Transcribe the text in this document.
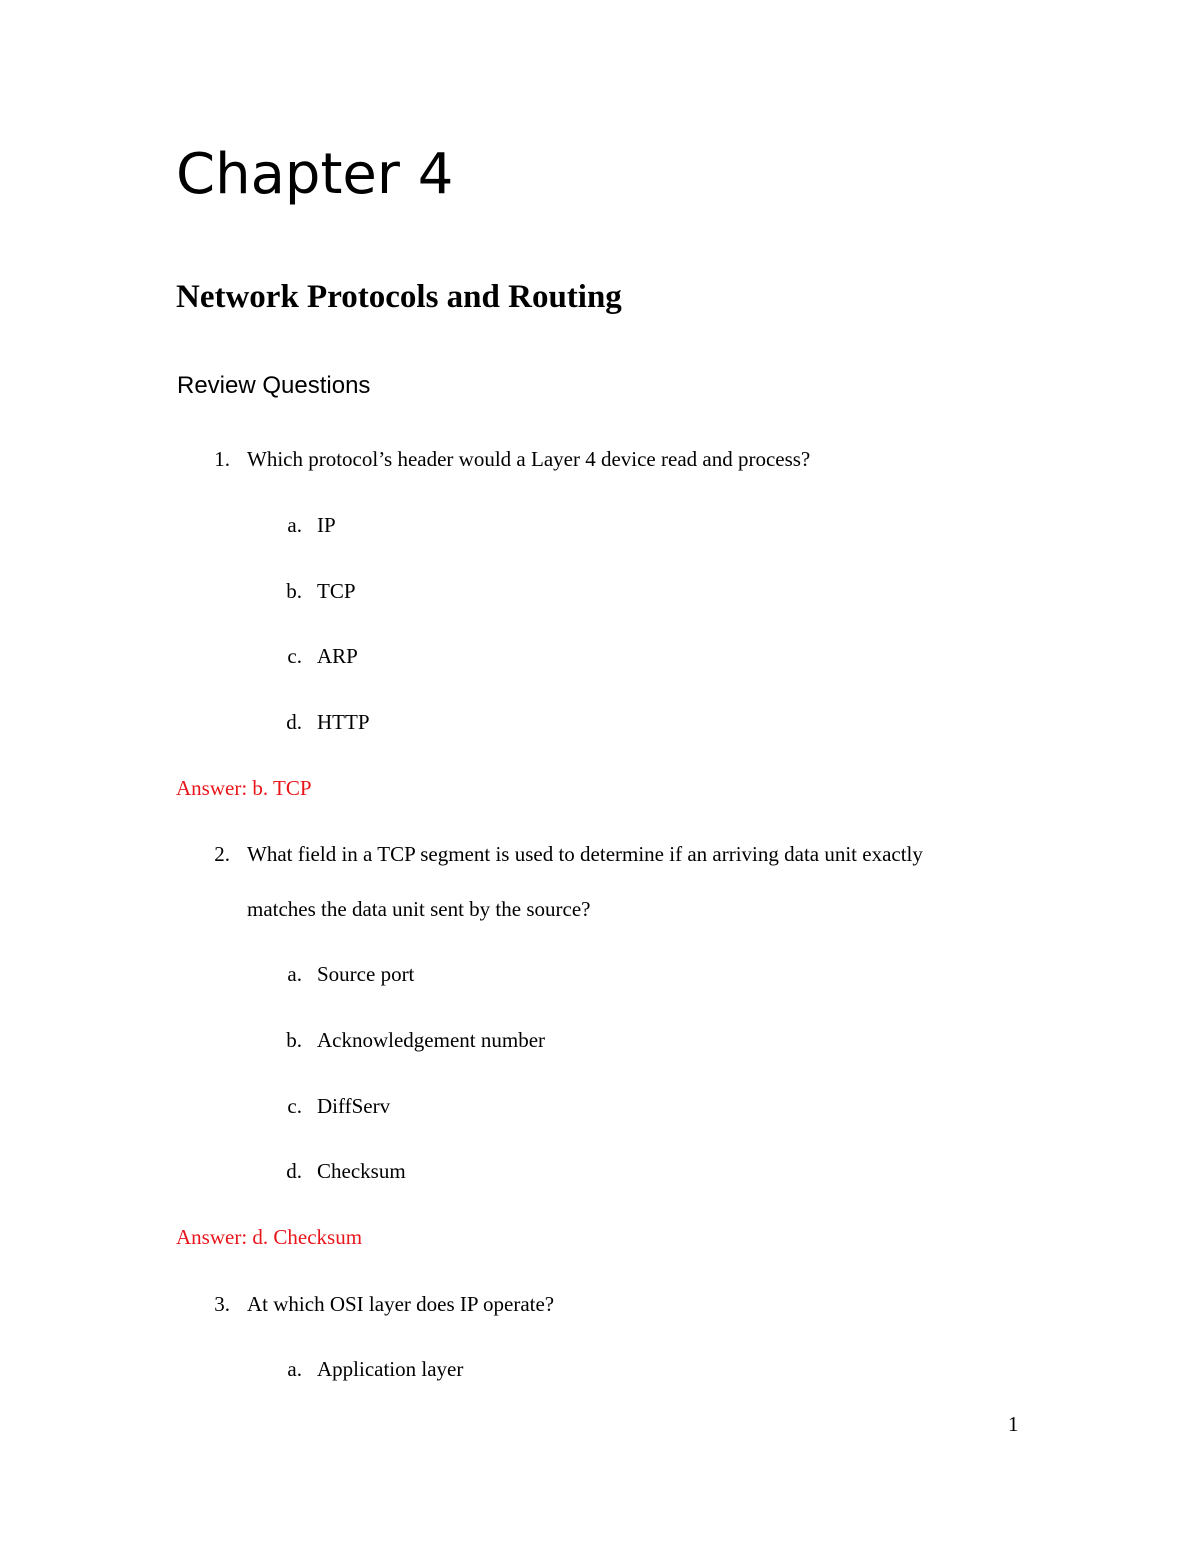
Chapter 4
Network Protocols and Routing
Review Questions
1. Which protocol’s header would a Layer 4 device read and process?
a. IP
b. TCP
c. ARP
d. HTTP
Answer: b. TCP
2. What field in a TCP segment is used to determine if an arriving data unit exactly
matches the data unit sent by the source?
a. Source port
b. Acknowledgement number
c. DiffServ
d. Checksum
Answer: d. Checksum
3. At which OSI layer does IP operate?
a. Application layer
1
